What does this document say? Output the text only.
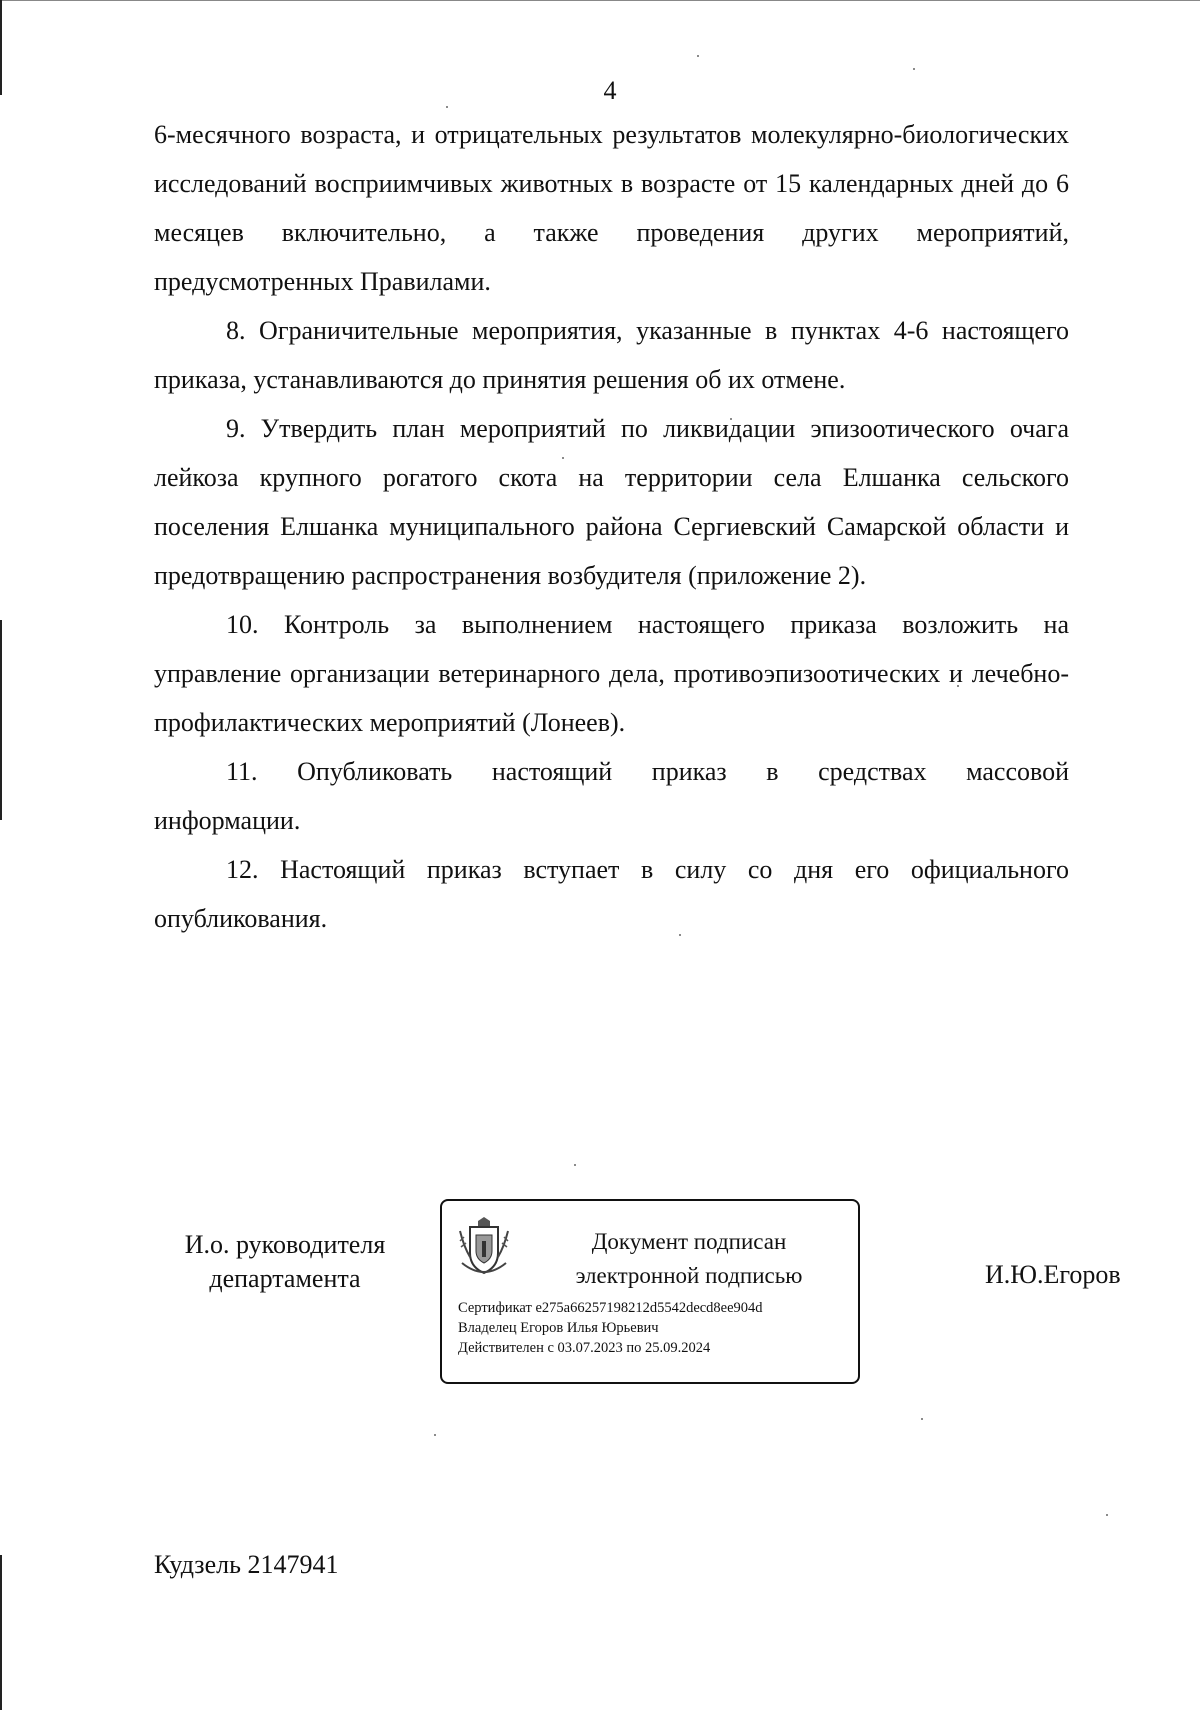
4

6-месячного возраста, и отрицательных результатов молекулярно-биологических исследований восприимчивых животных в возрасте от 15 календарных дней до 6 месяцев включительно, а также проведения других мероприятий, предусмотренных Правилами.

8. Ограничительные мероприятия, указанные в пунктах 4-6 настоящего приказа, устанавливаются до принятия решения об их отмене.

9. Утвердить план мероприятий по ликвидации эпизоотического очага лейкоза крупного рогатого скота на территории села Елшанка сельского поселения Елшанка муниципального района Сергиевский Самарской области и предотвращению распространения возбудителя (приложение 2).

10. Контроль за выполнением настоящего приказа возложить на управление организации ветеринарного дела, противоэпизоотических и лечебно-профилактических мероприятий (Лонеев).

11. Опубликовать настоящий приказ в средствах массовой

информации.

12. Настоящий приказ вступает в силу со дня его официального опубликования.

И.о. руководителя
департамента
Документ подписан
электронной подписью
Сертификат e275a66257198212d5542decd8ee904d
Владелец Егоров Илья Юрьевич
Действителен с 03.07.2023 по 25.09.2024
И.Ю.Егоров
Кудзель 2147941
